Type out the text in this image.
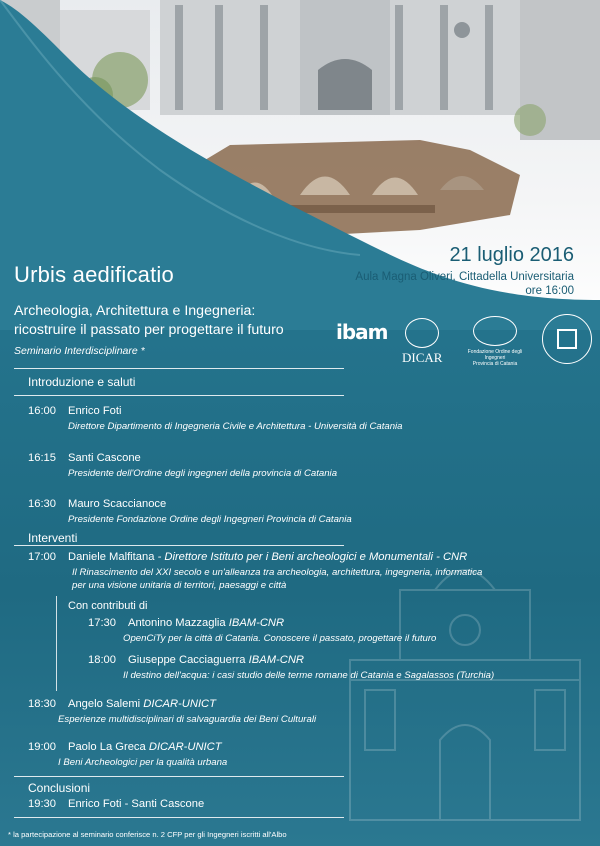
Urbis aedificatio
21 luglio 2016
Aula Magna Oliveri, Cittadella Universitaria
ore 16:00
Archeologia, Architettura e Ingegneria:
ricostruire il passato per progettare il futuro
Seminario Interdisciplinare *
ibam
DICAR	Fondazione Ordine degli Ingegneri
Provincia di Catania
Introduzione e saluti
16:00 Enrico Foti
Direttore Dipartimento di Ingegneria Civile e Architettura - Università di Catania
16:15 Santi Cascone
Presidente dell'Ordine degli ingegneri della provincia di Catania
16:30 Mauro Scaccianoce
Presidente Fondazione Ordine degli Ingegneri Provincia di Catania
Interventi
17:00 Daniele Malfitana - Direttore Istituto per i Beni archeologici e Monumentali - CNR
Il Rinascimento del XXI secolo e un'alleanza tra archeologia, architettura, ingegneria, informatica
per una visione unitaria di territori, paesaggi e città
Con contributi di
17:30 Antonino Mazzaglia IBAM-CNR
OpenCiTy per la città di Catania. Conoscere il passato, progettare il futuro
18:00 Giuseppe Cacciaguerra IBAM-CNR
Il destino dell'acqua: i casi studio delle terme romane di Catania e Sagalassos (Turchia)
18:30 Angelo Salemi DICAR-UNICT
Esperienze multidisciplinari di salvaguardia dei Beni Culturali
19:00 Paolo La Greca DICAR-UNICT
I Beni Archeologici per la qualità urbana
Conclusioni
19:30 Enrico Foti - Santi Cascone
* la partecipazione al seminario conferisce n. 2 CFP per gli Ingegneri iscritti all'Albo
